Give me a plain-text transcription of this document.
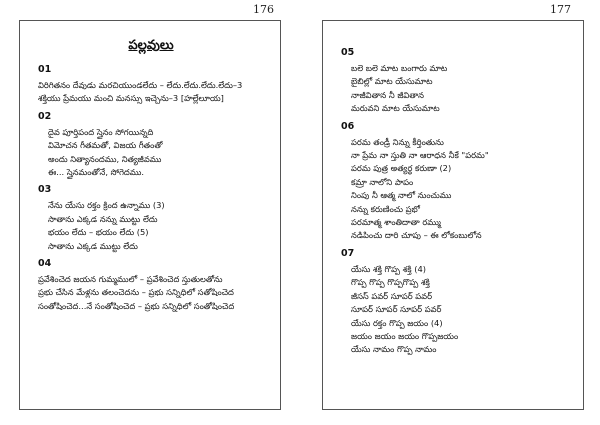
176	177
పల్లవులు
01
విరిగితనం దేవుడు మరచియుండలేదు – లేదు.లేదు.లేదు.లేదు–3
శక్తియు ప్రేమయు మంచి మనస్సు ఇచ్చెను–3 [హల్లేలూయ]
02
దైవ పూర్తిపంద స్తైనం సోగయిన్నది
విమోచన గీతమతో, విజయ గీతంతో
అందు నిత్యానందము, నిత్యజీవము
ఈ... స్తైనమంతోనే, సోగెదము.
03
నేను యేసు రక్తం క్రింద ఉన్నాము (3)
సాతాను ఎక్కడ నన్ను ముట్టు లేదు
భయం లేదు – భయం లేదు (5)
సాతాను ఎక్కడ ముట్టు లేదు
04
ప్రవేశించెద జయన గుమ్మములో – ప్రవేశించెద స్తుతులతోను
ప్రభు చేసిన మేళ్లను తలంచెదను – ప్రభు సన్నిధిలో సతోషించెద
సంతోషించెద...నే సంతోషించెద – ప్రభు సన్నిధిలో సంతోషించెద
05
బలె బలె మాట బంగారు మాట
బైబిల్లో మాట యేసుమాట
నాజీవితాన నీ జీవితాన
మరువని మాట యేసుమాట
06
పరమ తండ్రీ నిన్ను కీర్తింతును
నా ప్రేమ నా స్తుతి నా ఆరాధన నీకే "పరమ"
పరమ పుత్ర అత్యర్థ కరుణా (2)
కమ్రా నాలోని పాపం
నింపు నీ ఆత్మ నాలో నుంచుము
నన్ను కరుణించు ప్రభో
పరమాత్మ శాంతిదాతా రమ్ము
నడిపించు దారి చూపు – ఈ లోకంబులోన
07
యేసు శక్తి గొప్ప శక్తి (4)
గొప్ప గొప్ప గొప్పగొప్ప శక్తి
జీసస్ పవర్ సూపర్ పవర్
సూపర్ సూపర్ సూపర్ పవర్
యేసు రక్తం గొప్ప జయం (4)
జయం జయం జయం గొప్పజయం
యేసు నామం గొప్ప నామం
